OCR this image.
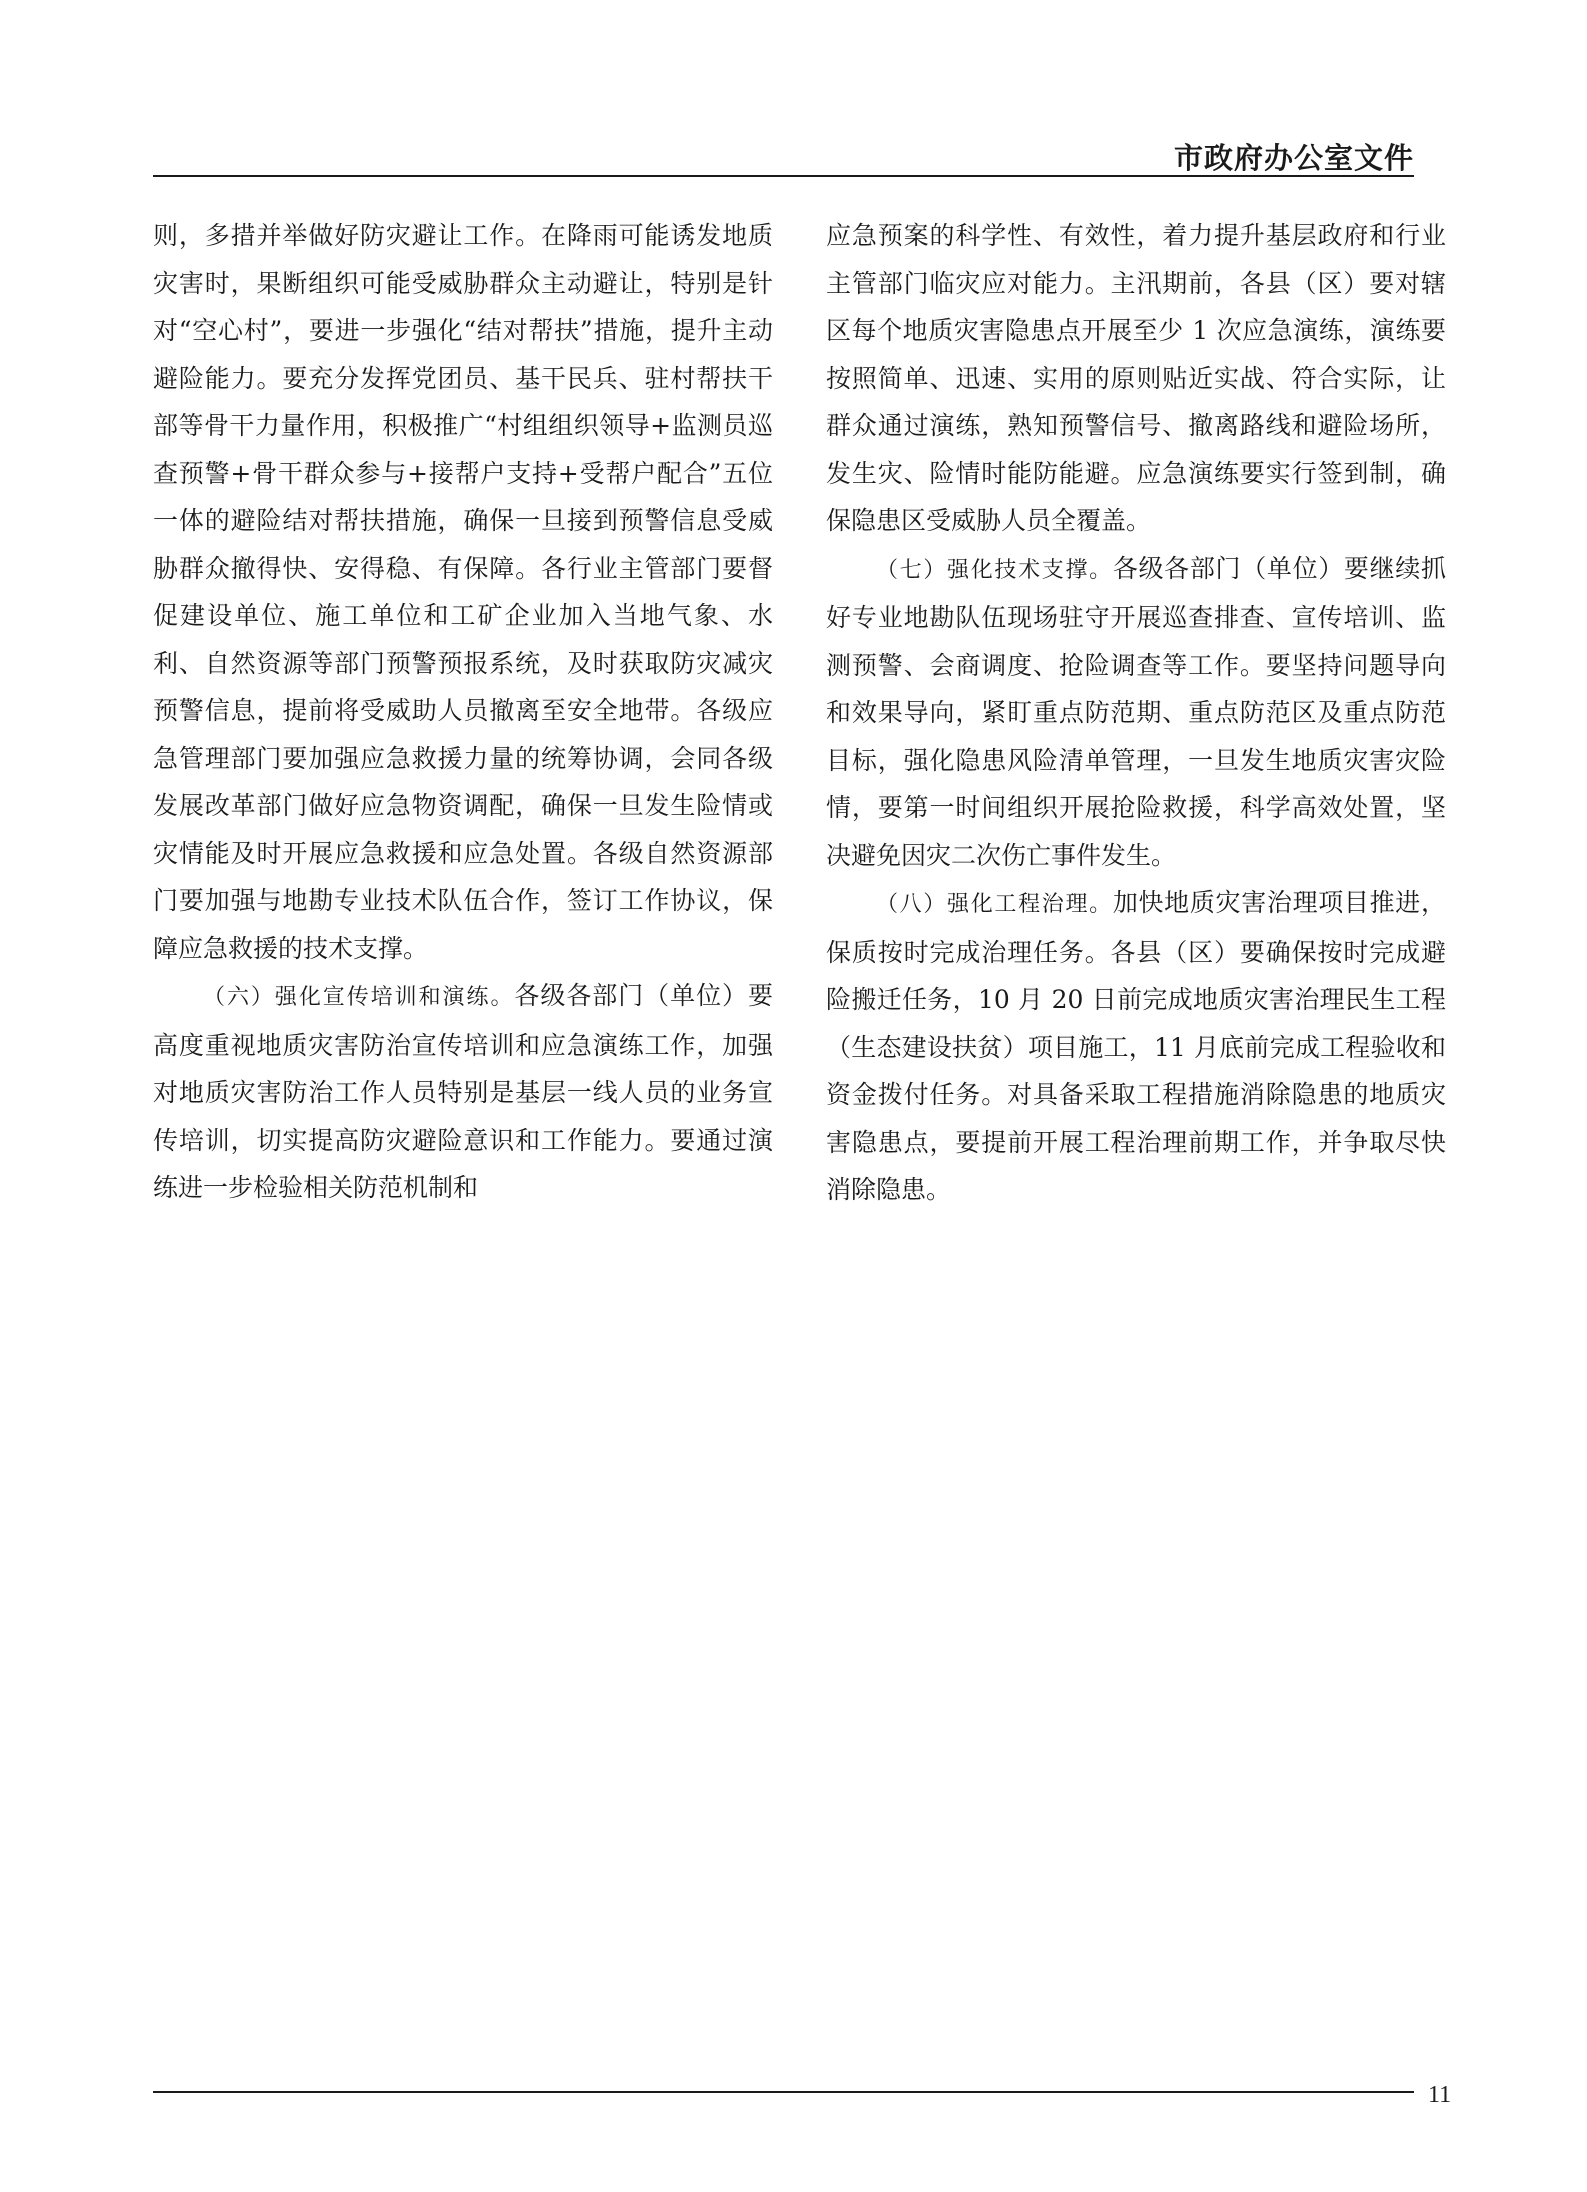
市政府办公室文件

则，多措并举做好防灾避让工作。在降雨可能诱发地质灾害时，果断组织可能受威胁群众主动避让，特别是针对“空心村”，要进一步强化“结对帮扶”措施，提升主动避险能力。要充分发挥党团员、基干民兵、驻村帮扶干部等骨干力量作用，积极推广“村组组织领导+监测员巡查预警+骨干群众参与+接帮户支持+受帮户配合”五位一体的避险结对帮扶措施，确保一旦接到预警信息受威胁群众撤得快、安得稳、有保障。各行业主管部门要督促建设单位、施工单位和工矿企业加入当地气象、水利、自然资源等部门预警预报系统，及时获取防灾减灾预警信息，提前将受威助人员撤离至安全地带。各级应急管理部门要加强应急救援力量的统筹协调，会同各级发展改革部门做好应急物资调配，确保一旦发生险情或灾情能及时开展应急救援和应急处置。各级自然资源部门要加强与地勘专业技术队伍合作，签订工作协议，保障应急救援的技术支撑。

（六）强化宣传培训和演练。各级各部门（单位）要高度重视地质灾害防治宣传培训和应急演练工作，加强对地质灾害防治工作人员特别是基层一线人员的业务宣传培训，切实提高防灾避险意识和工作能力。要通过演练进一步检验相关防范机制和

应急预案的科学性、有效性，着力提升基层政府和行业主管部门临灾应对能力。主汛期前，各县（区）要对辖区每个地质灾害隐患点开展至少 1 次应急演练，演练要按照简单、迅速、实用的原则贴近实战、符合实际，让群众通过演练，熟知预警信号、撤离路线和避险场所，发生灾、险情时能防能避。应急演练要实行签到制，确保隐患区受威胁人员全覆盖。

（七）强化技术支撑。各级各部门（单位）要继续抓好专业地勘队伍现场驻守开展巡查排查、宣传培训、监测预警、会商调度、抢险调查等工作。要坚持问题导向和效果导向，紧盯重点防范期、重点防范区及重点防范目标，强化隐患风险清单管理，一旦发生地质灾害灾险情，要第一时间组织开展抢险救援，科学高效处置，坚决避免因灾二次伤亡事件发生。

（八）强化工程治理。加快地质灾害治理项目推进，保质按时完成治理任务。各县（区）要确保按时完成避险搬迁任务，10 月 20 日前完成地质灾害治理民生工程（生态建设扶贫）项目施工，11 月底前完成工程验收和资金拨付任务。对具备采取工程措施消除隐患的地质灾害隐患点，要提前开展工程治理前期工作，并争取尽快消除隐患。

11
